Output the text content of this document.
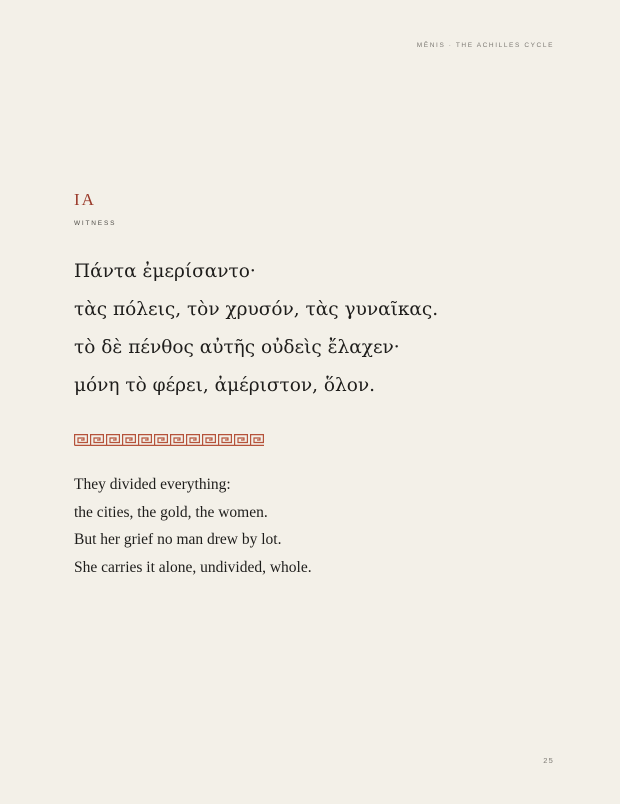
MĒNIS · THE ACHILLES CYCLE
IA
WITNESS
Πάντα ἐμερίσαντο·
τὰς πόλεις, τὸν χρυσόν, τὰς γυναῖκας.
τὸ δὲ πένθος αὐτῆς οὐδεὶς ἔλαχεν·
μόνη τὸ φέρει, ἀμέριστον, ὅλον.
They divided everything:
the cities, the gold, the women.
But her grief no man drew by lot.
She carries it alone, undivided, whole.
25
